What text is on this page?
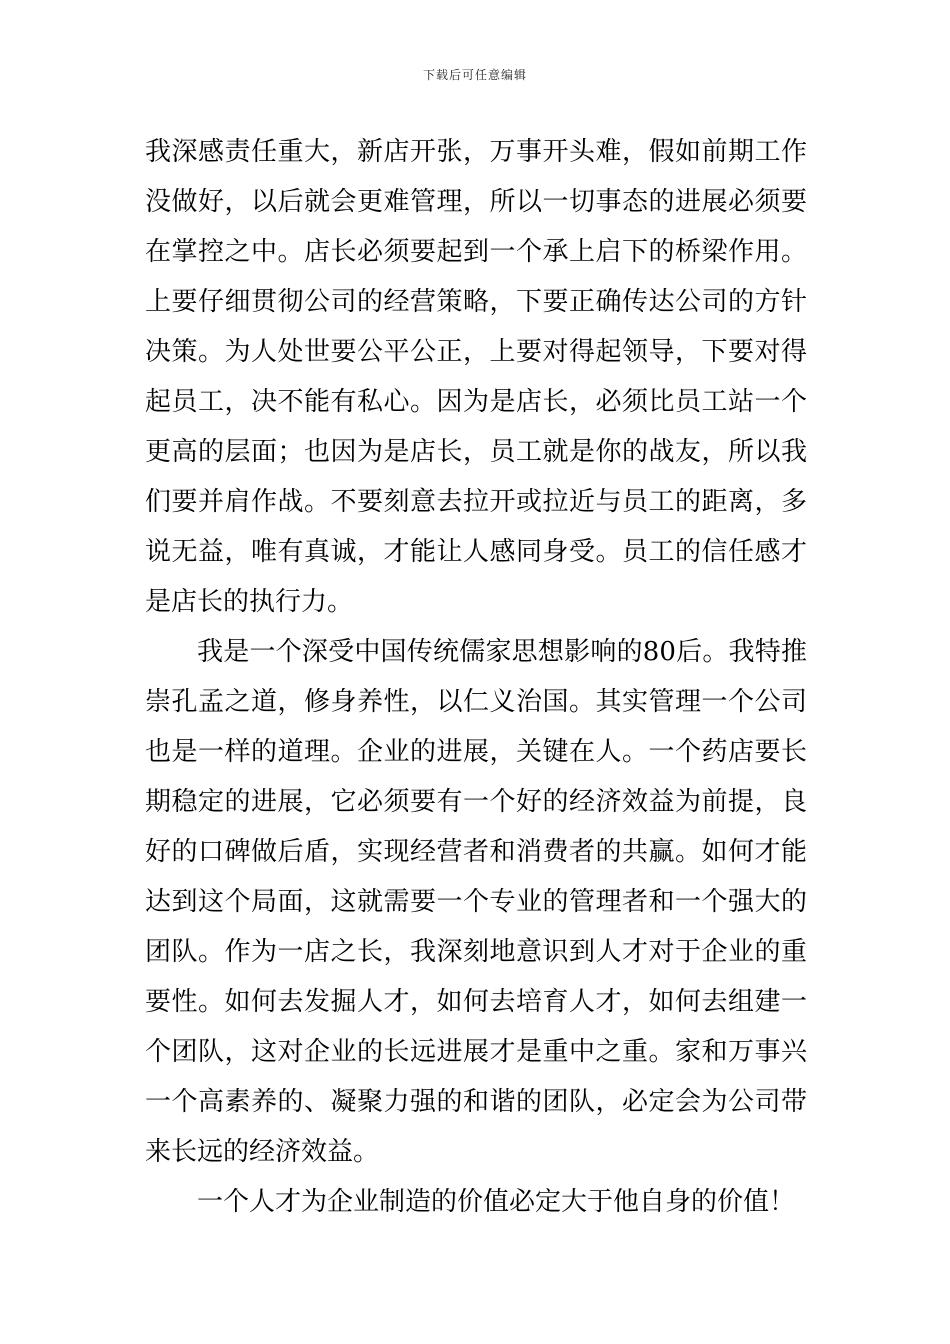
下载后可任意编辑
我深感责任重大，新店开张，万事开头难，假如前期工作
没做好，以后就会更难管理，所以一切事态的进展必须要
在掌控之中。店长必须要起到一个承上启下的桥梁作用。
上要仔细贯彻公司的经营策略，下要正确传达公司的方针
决策。为人处世要公平公正，上要对得起领导，下要对得
起员工，决不能有私心。因为是店长，必须比员工站一个
更高的层面；也因为是店长，员工就是你的战友，所以我
们要并肩作战。不要刻意去拉开或拉近与员工的距离，多
说无益，唯有真诚，才能让人感同身受。员工的信任感才
是店长的执行力。
我是一个深受中国传统儒家思想影响的80后。我特推
崇孔孟之道，修身养性，以仁义治国。其实管理一个公司
也是一样的道理。企业的进展，关键在人。一个药店要长
期稳定的进展，它必须要有一个好的经济效益为前提，良
好的口碑做后盾，实现经营者和消费者的共赢。如何才能
达到这个局面，这就需要一个专业的管理者和一个强大的
团队。作为一店之长，我深刻地意识到人才对于企业的重
要性。如何去发掘人才，如何去培育人才，如何去组建一
个团队，这对企业的长远进展才是重中之重。家和万事兴
一个高素养的、凝聚力强的和谐的团队，必定会为公司带
来长远的经济效益。
一个人才为企业制造的价值必定大于他自身的价值！
